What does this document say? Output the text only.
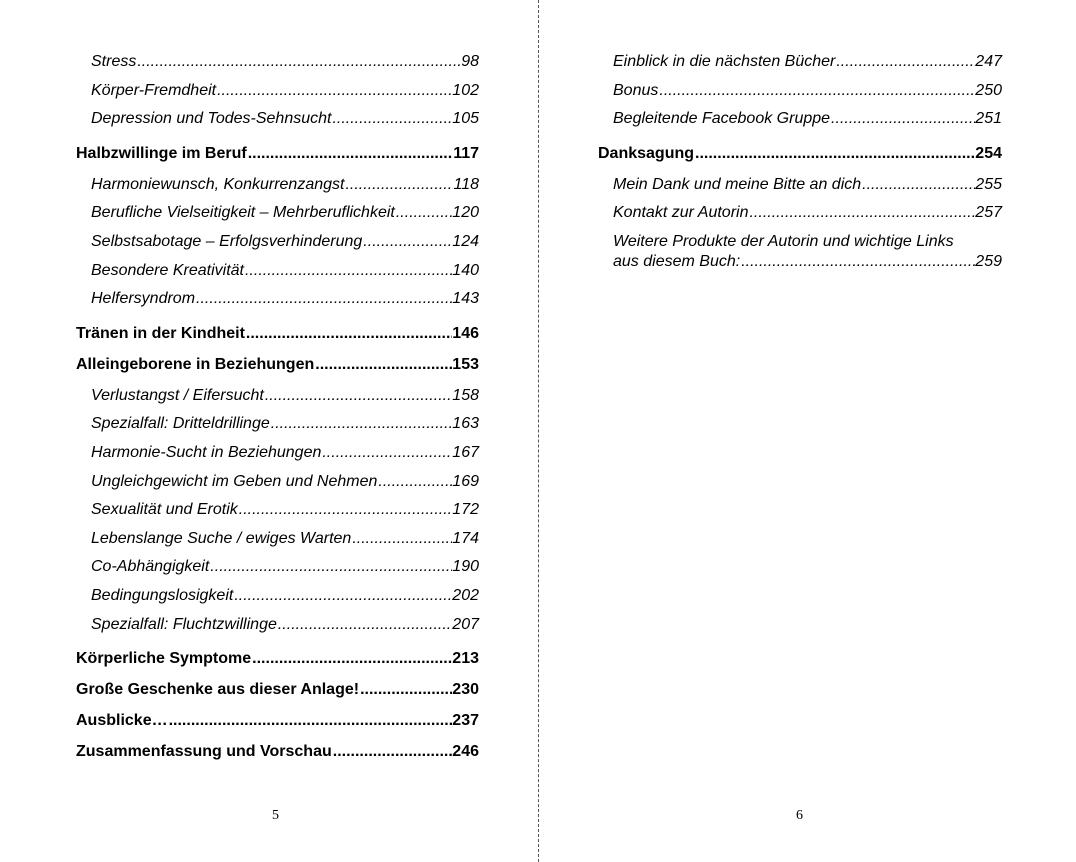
Stress .....	98
Körper-Fremdheit .....	102
Depression und Todes-Sehnsucht .....	105
Halbzwillinge im Beruf .....	117
Harmoniewunsch, Konkurrenzangst .....	118
Berufliche Vielseitigkeit – Mehrberuflichkeit .....	120
Selbstsabotage – Erfolgsverhinderung .....	124
Besondere Kreativität .....	140
Helfersyndrom .....	143
Tränen in der Kindheit .....	146
Alleingeborene in Beziehungen .....	153
Verlustangst / Eifersucht .....	158
Spezialfall: Dritteldrillinge .....	163
Harmonie-Sucht in Beziehungen .....	167
Ungleichgewicht im Geben und Nehmen .....	169
Sexualität und Erotik .....	172
Lebenslange Suche / ewiges Warten .....	174
Co-Abhängigkeit .....	190
Bedingungslosigkeit .....	202
Spezialfall: Fluchtzwillinge .....	207
Körperliche Symptome .....	213
Große Geschenke aus dieser Anlage! .....	230
Ausblicke… .....	237
Zusammenfassung und Vorschau .....	246
5
Einblick in die nächsten Bücher .....	247
Bonus .....	250
Begleitende Facebook Gruppe .....	251
Danksagung .....	254
Mein Dank und meine Bitte an dich .....	255
Kontakt zur Autorin .....	257
Weitere Produkte der Autorin und wichtige Links
aus diesem Buch: .....	259
6
